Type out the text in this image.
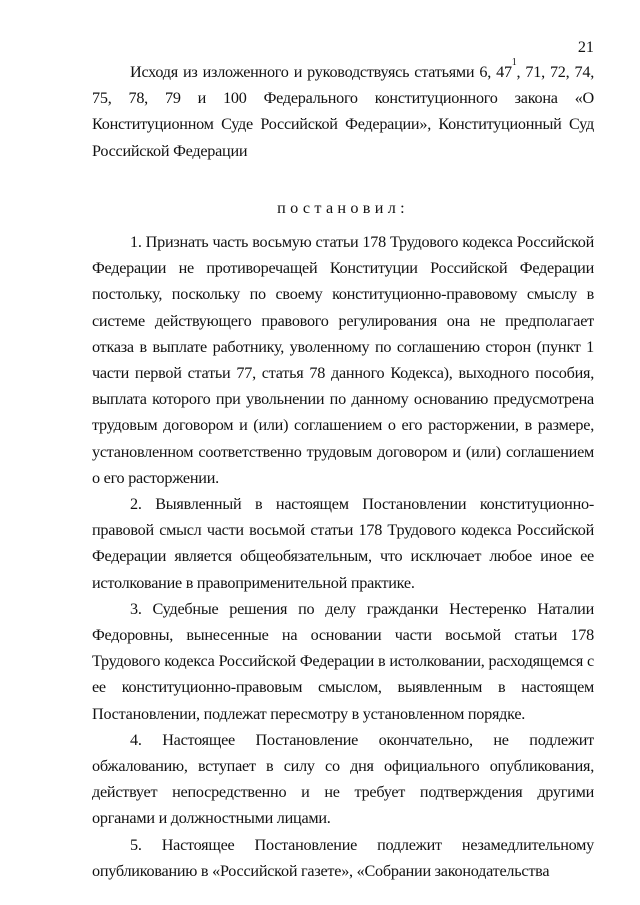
21

Исходя из изложенного и руководствуясь статьями 6, $47^1$, 71, 72, 74, 75, 78, 79 и 100 Федерального конституционного закона «О Конституционном Суде Российской Федерации», Конституционный Суд Российской Федерации

постановил:

1. Признать часть восьмую статьи 178 Трудового кодекса Российской Федерации не противоречащей Конституции Российской Федерации постольку, поскольку по своему конституционно-правовому смыслу в системе действующего правового регулирования она не предполагает отказа в выплате работнику, уволенному по соглашению сторон (пункт 1 части первой статьи 77, статья 78 данного Кодекса), выходного пособия, выплата которого при увольнении по данному основанию предусмотрена трудовым договором и (или) соглашением о его расторжении, в размере, установленном соответственно трудовым договором и (или) соглашением о его расторжении.

2. Выявленный в настоящем Постановлении конституционно-правовой смысл части восьмой статьи 178 Трудового кодекса Российской Федерации является общеобязательным, что исключает любое иное ее истолкование в правоприменительной практике.

3. Судебные решения по делу гражданки Нестеренко Наталии Федоровны, вынесенные на основании части восьмой статьи 178 Трудового кодекса Российской Федерации в истолковании, расходящемся с ее конституционно-правовым смыслом, выявленным в настоящем Постановлении, подлежат пересмотру в установленном порядке.

4. Настоящее Постановление окончательно, не подлежит обжалованию, вступает в силу со дня официального опубликования, действует непосредственно и не требует подтверждения другими органами и должностными лицами.

5. Настоящее Постановление подлежит незамедлительному опубликованию в «Российской газете», «Собрании законодательства
